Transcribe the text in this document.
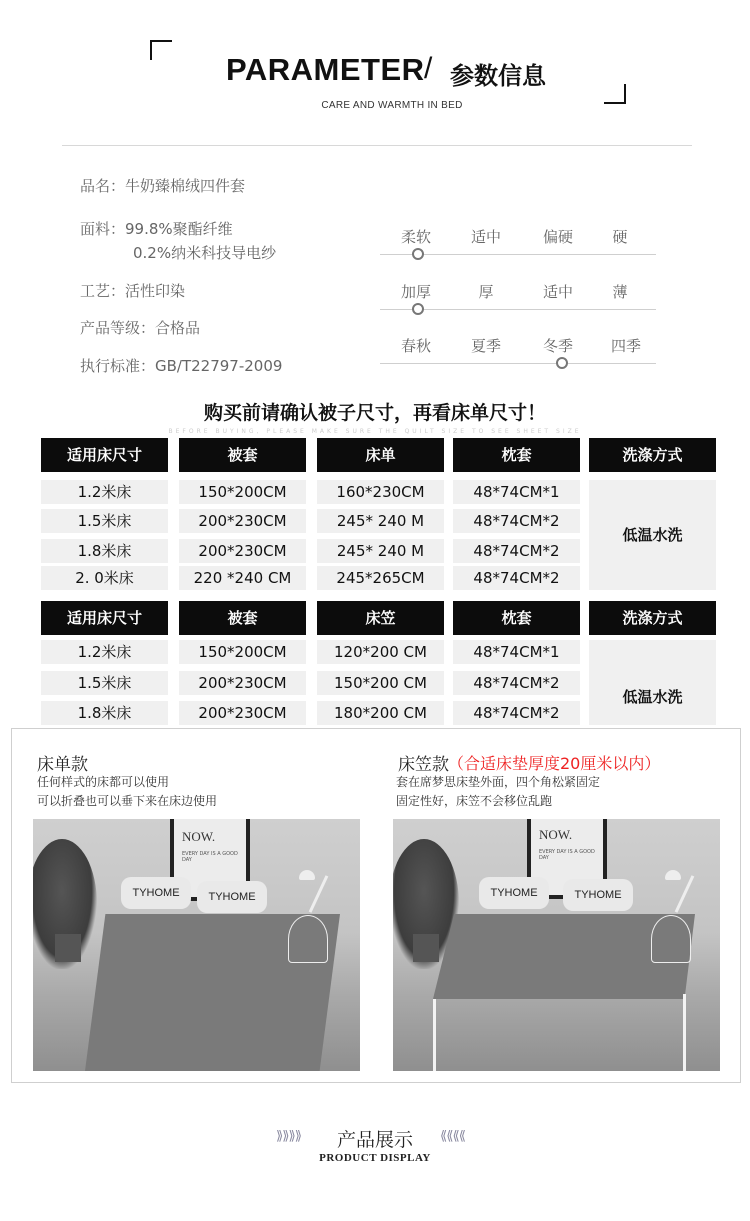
PARAMETER / 参数信息
CARE AND WARMTH IN BED
品名：牛奶臻棉绒四件套
面料：99.8%聚酯纤维
0.2%纳米科技导电纱
工艺：活性印染
产品等级：合格品
执行标准：GB/T22797-2009
柔软	适中	偏硬	硬
加厚	厚	适中	薄
春秋	夏季	冬季	四季
购买前请确认被子尺寸，再看床单尺寸！
BEFORE BUYING, PLEASE MAKE SURE THE QUILT SIZE TO SEE SHEET SIZE
适用床尺寸	被套	床单	枕套	洗涤方式
1.2米床	150*200CM	160*230CM	48*74CM*1
1.5米床	200*230CM	245* 240 M	48*74CM*2
1.8米床	200*230CM	245* 240 M	48*74CM*2
2. 0米床	220 *240 CM	245*265CM	48*74CM*2
低温水洗
适用床尺寸	被套	床笠	枕套	洗涤方式
1.2米床	150*200CM	120*200 CM	48*74CM*1
1.5米床	200*230CM	150*200 CM	48*74CM*2
1.8米床	200*230CM	180*200 CM	48*74CM*2
低温水洗
床单款
任何样式的床都可以使用
可以折叠也可以垂下来在床边使用
床笠款 （合适床垫厚度20厘米以内）
套在席梦思床垫外面，四个角松紧固定
固定性好，床笠不会移位乱跑
NOW.
EVERY DAY IS A GOOD DAY
TYHOME	TYHOME
NOW.
EVERY DAY IS A GOOD DAY
TYHOME	TYHOME
⟫⟫⟫⟫	产品展示	⟪⟪⟪⟪
PRODUCT DISPLAY
